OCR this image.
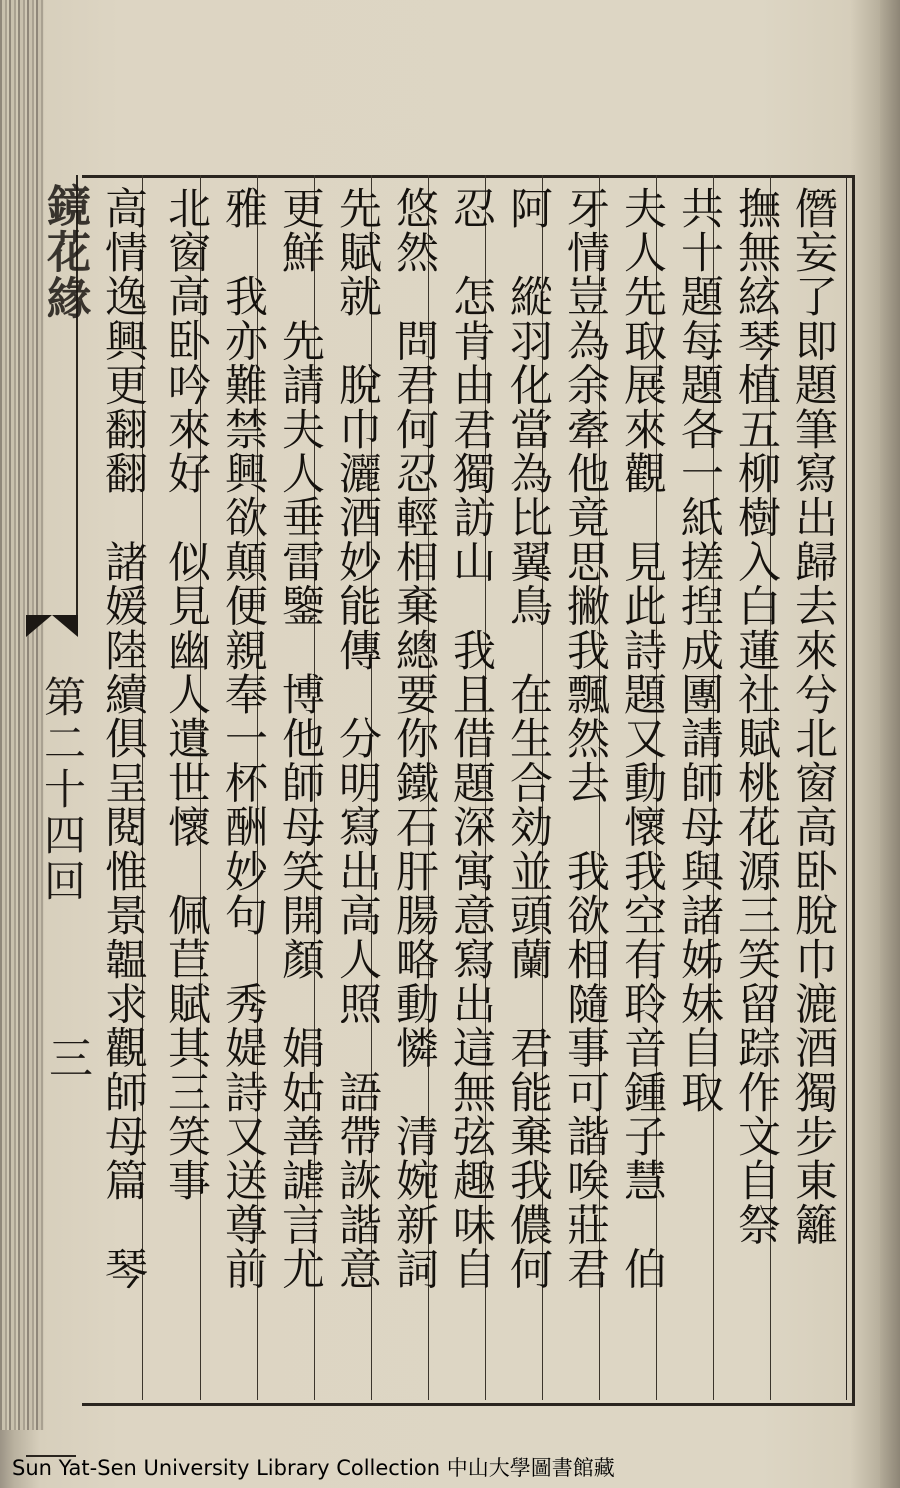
鏡花緣
第二十四回
三	僭妄了即題筆寫出歸去來兮北窗高卧脫巾漉酒獨步東籬
撫無絃琴植五柳樹入白蓮社賦桃花源三笑留踪作文自祭
共十題每題各一紙搓揑成團請師母與諸姊妹自取
夫人先取展來觀　見此詩題又動懷我空有聆音鍾子慧　伯
牙情豈為余牽他竟思撇我飄然去　我欲相隨事可諧唉莊君
阿　縱羽化當為比翼鳥　在生合効並頭蘭　君能棄我儂何
忍　怎肯由君獨訪山　我且借題深寓意寫出這無弦趣味自
悠然　問君何忍輕相棄總要你鐵石肝腸略動憐　清婉新詞
先賦就　脫巾灑酒妙能傳　分明寫出高人照　語帶詼諧意
更鮮　先請夫人垂雷鑒　博他師母笑開顏　娟姑善謔言尤
雅　我亦難禁興欲顛便親奉一杯酬妙句　秀媞詩又送尊前
北窗高卧吟來好　似見幽人遺世懷　佩苣賦其三笑事
高情逸興更翻翻　諸媛陸續俱呈閱惟景韞求觀師母篇　琴
Sun Yat-Sen University Library Collection 中山大學圖書館藏
